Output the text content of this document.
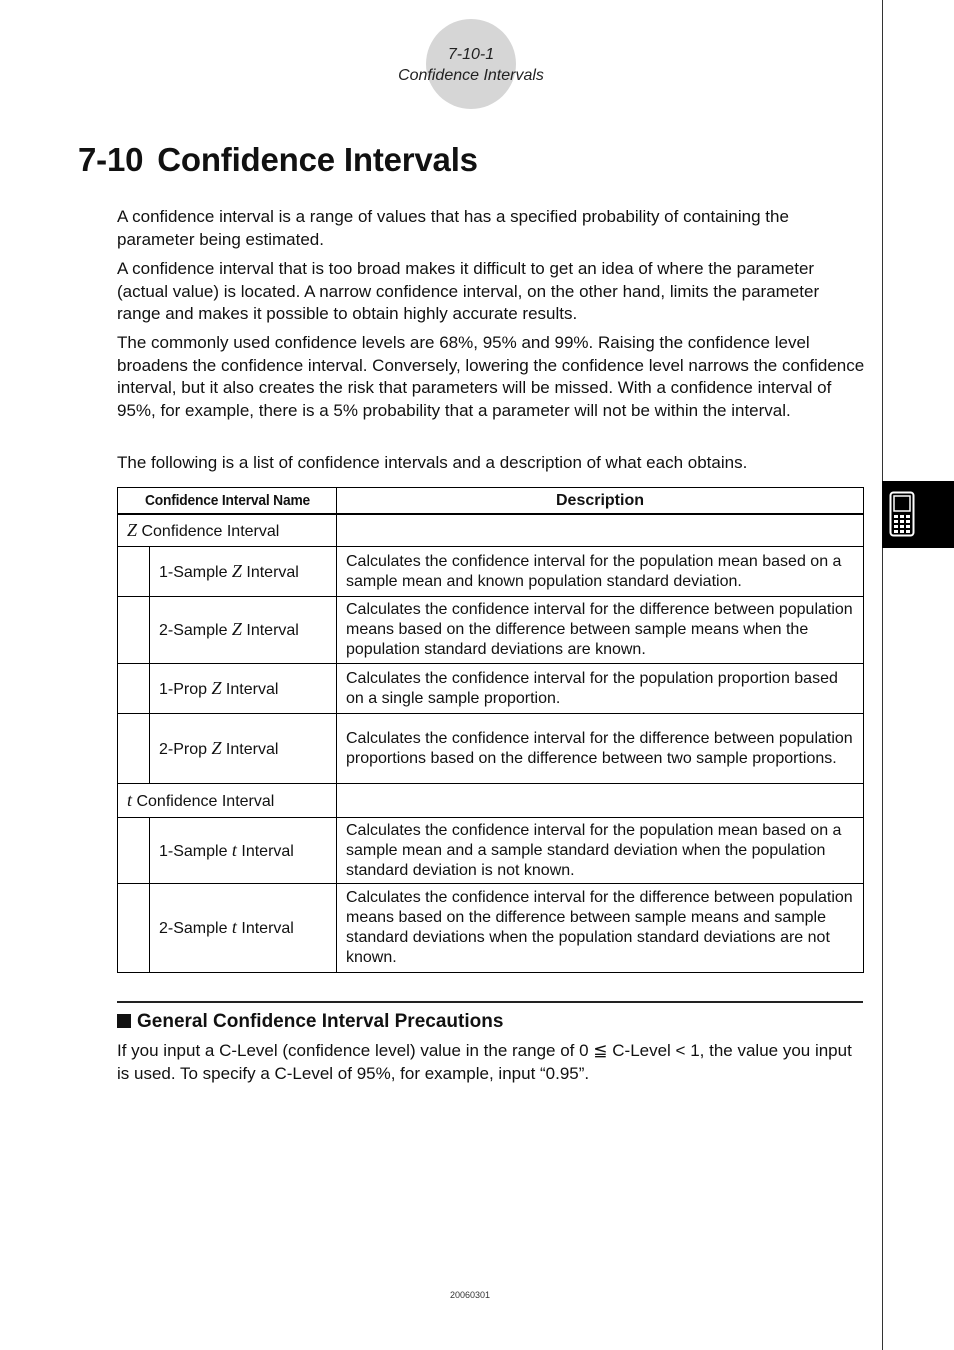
7-10-1
Confidence Intervals
7-10 Confidence Intervals

A confidence interval is a range of values that has a specified probability of containing the parameter being estimated.

A confidence interval that is too broad makes it difficult to get an idea of where the parameter (actual value) is located. A narrow confidence interval, on the other hand, limits the parameter range and makes it possible to obtain highly accurate results.

The commonly used confidence levels are 68%, 95% and 99%. Raising the confidence level broadens the confidence interval. Conversely, lowering the confidence level narrows the confidence interval, but it also creates the risk that parameters will be missed. With a confidence interval of 95%, for example, there is a 5% probability that a parameter will not be within the interval.

The following is a list of confidence intervals and a description of what each obtains.

Confidence Interval Name		Description
Z Confidence Interval		
	1-Sample Z Interval	Calculates the confidence interval for the population mean based on a sample mean and known population standard deviation.
	2-Sample Z Interval	Calculates the confidence interval for the difference between population means based on the difference between sample means when the population standard deviations are known.
	1-Prop Z Interval	Calculates the confidence interval for the population proportion based on a single sample proportion.
	2-Prop Z Interval	Calculates the confidence interval for the difference between population proportions based on the difference between two sample proportions.
t Confidence Interval		
	1-Sample t Interval	Calculates the confidence interval for the population mean based on a sample mean and a sample standard deviation when the population standard deviation is not known.
	2-Sample t Interval	Calculates the confidence interval for the difference between population means based on the difference between sample means and sample standard deviations when the population standard deviations are not known.
General Confidence Interval Precautions

If you input a C-Level (confidence level) value in the range of 0 ≦ C-Level < 1, the value you input is used. To specify a C-Level of 95%, for example, input “0.95”.

20060301
